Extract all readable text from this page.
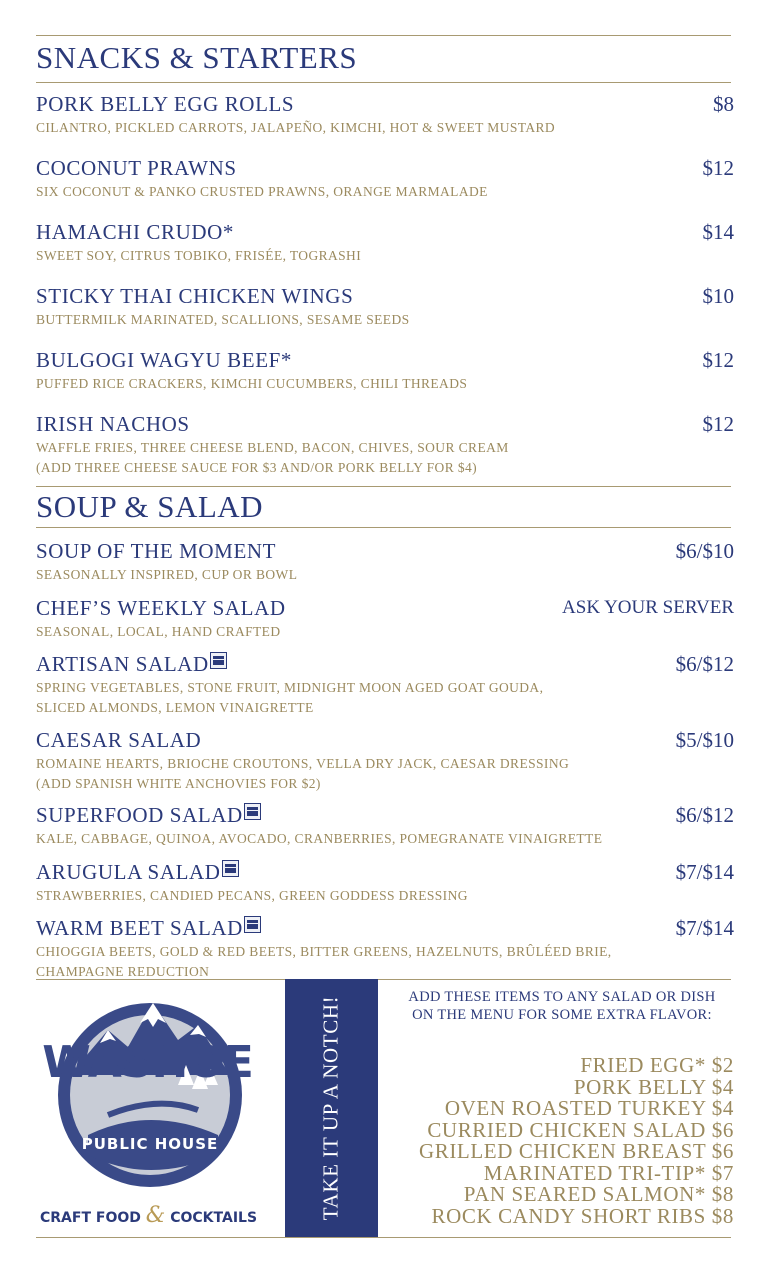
SNACKS & STARTERS
PORK BELLY EGG ROLLS	$8
CILANTRO, PICKLED CARROTS, JALAPEÑO, KIMCHI, HOT & SWEET MUSTARD
COCONUT PRAWNS	$12
SIX COCONUT & PANKO CRUSTED PRAWNS, ORANGE MARMALADE
HAMACHI CRUDO*	$14
SWEET SOY, CITRUS TOBIKO, FRISÉE, TOGRASHI
STICKY THAI CHICKEN WINGS	$10
BUTTERMILK MARINATED, SCALLIONS, SESAME SEEDS
BULGOGI WAGYU BEEF*	$12
PUFFED RICE CRACKERS, KIMCHI CUCUMBERS, CHILI THREADS
IRISH NACHOS	$12
WAFFLE FRIES, THREE CHEESE BLEND, BACON, CHIVES, SOUR CREAM
(ADD THREE CHEESE SAUCE FOR $3 AND/OR PORK BELLY FOR $4)
SOUP & SALAD
SOUP OF THE MOMENT	$6/$10
SEASONALLY INSPIRED, CUP OR BOWL
CHEF’S WEEKLY SALAD	ASK YOUR SERVER
SEASONAL, LOCAL, HAND CRAFTED
ARTISAN SALAD	$6/$12
SPRING VEGETABLES, STONE FRUIT, MIDNIGHT MOON AGED GOAT GOUDA,
SLICED ALMONDS, LEMON VINAIGRETTE
CAESAR SALAD	$5/$10
ROMAINE HEARTS, BRIOCHE CROUTONS, VELLA DRY JACK, CAESAR DRESSING
(ADD SPANISH WHITE ANCHOVIES FOR $2)
SUPERFOOD SALAD	$6/$12
KALE, CABBAGE, QUINOA, AVOCADO, CRANBERRIES, POMEGRANATE VINAIGRETTE
ARUGULA SALAD	$7/$14
STRAWBERRIES, CANDIED PECANS, GREEN GODDESS DRESSING
WARM BEET SALAD	$7/$14
CHIOGGIA BEETS, GOLD & RED BEETS, BITTER GREENS, HAZELNUTS, BRÛLÉED BRIE,
CHAMPAGNE REDUCTION
WASHOE
PUBLIC HOUSE
CRAFT FOOD & COCKTAILS	TAKE IT UP A NOTCH!	ADD THESE ITEMS TO ANY SALAD OR DISH
ON THE MENU FOR SOME EXTRA FLAVOR:
FRIED EGG* $2
PORK BELLY $4
OVEN ROASTED TURKEY $4
CURRIED CHICKEN SALAD $6
GRILLED CHICKEN BREAST $6
MARINATED TRI-TIP* $7
PAN SEARED SALMON* $8
ROCK CANDY SHORT RIBS $8
